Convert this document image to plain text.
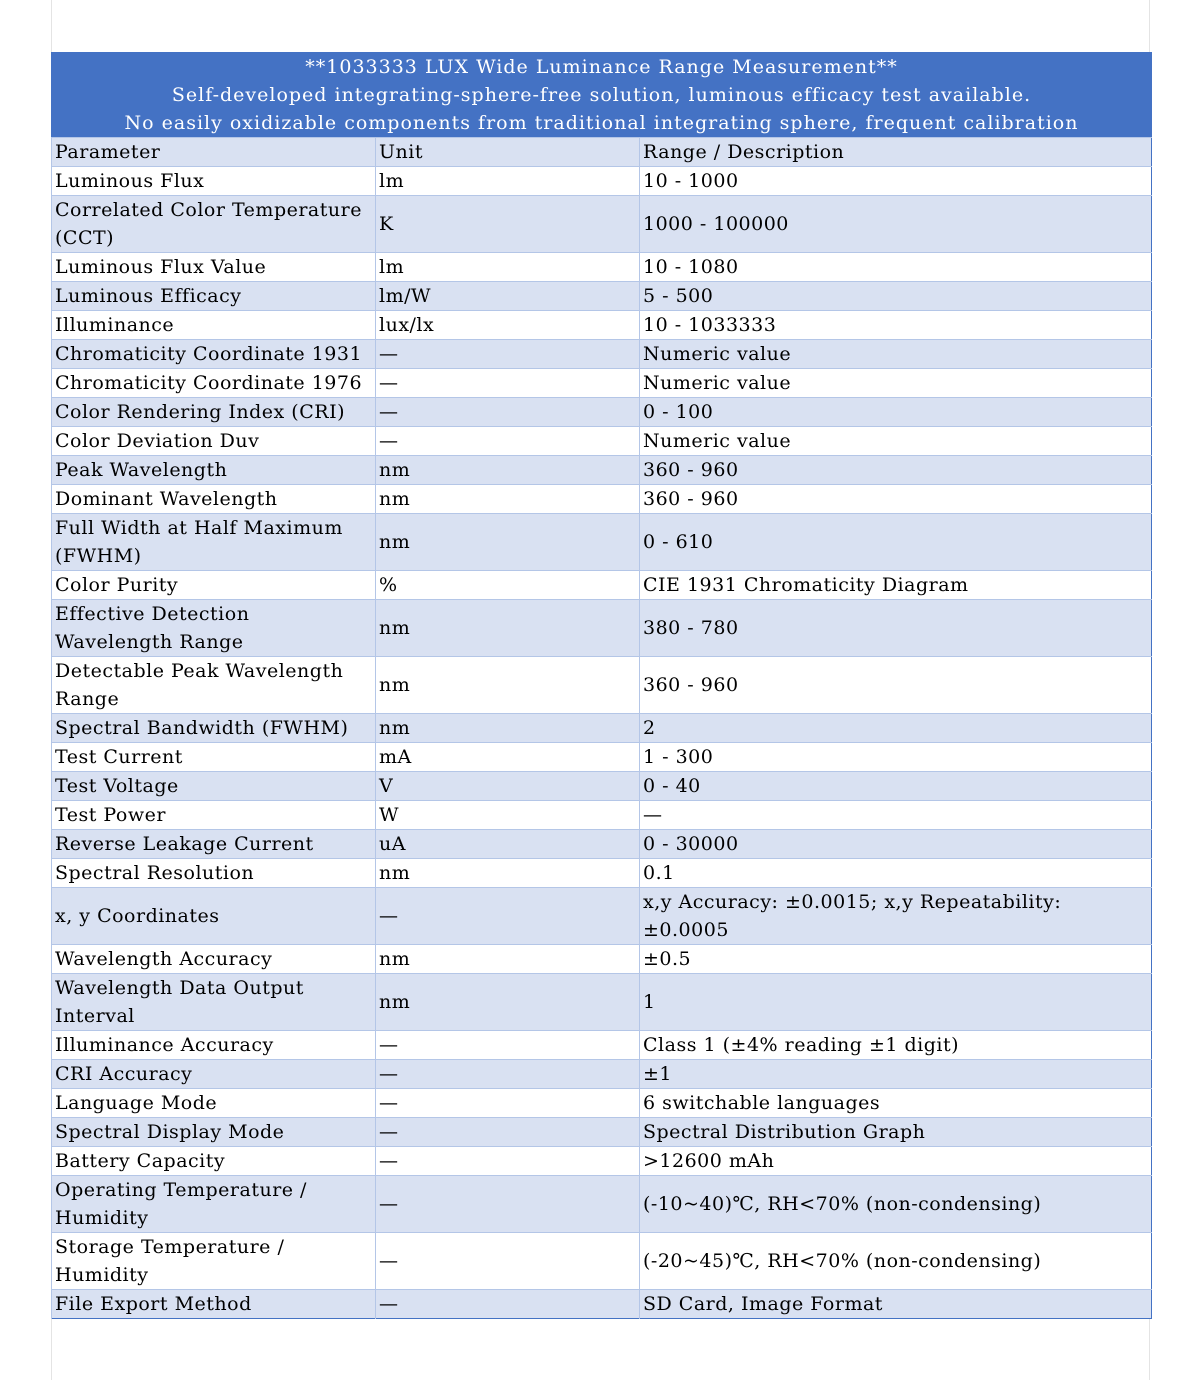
**1033333 LUX Wide Luminance Range Measurement**		
Self-developed integrating-sphere-free solution, luminous efficacy test available.		
No easily oxidizable components from traditional integrating sphere, frequent calibration		
Parameter	Unit	Range / Description
Luminous Flux	lm	10 - 1000
Correlated Color Temperature (CCT)	K	1000 - 100000
Luminous Flux Value	lm	10 - 1080
Luminous Efficacy	lm/W	5 - 500
Illuminance	lux/lx	10 - 1033333
Chromaticity Coordinate 1931	—	Numeric value
Chromaticity Coordinate 1976	—	Numeric value
Color Rendering Index (CRI)	—	0 - 100
Color Deviation Duv	—	Numeric value
Peak Wavelength	nm	360 - 960
Dominant Wavelength	nm	360 - 960
Full Width at Half Maximum (FWHM)	nm	0 - 610
Color Purity	%	CIE 1931 Chromaticity Diagram
Effective Detection Wavelength Range	nm	380 - 780
Detectable Peak Wavelength Range	nm	360 - 960
Spectral Bandwidth (FWHM)	nm	2
Test Current	mA	1 - 300
Test Voltage	V	0 - 40
Test Power	W	—
Reverse Leakage Current	uA	0 - 30000
Spectral Resolution	nm	0.1
x, y Coordinates	—	x,y Accuracy: ±0.0015; x,y Repeatability: ±0.0005
Wavelength Accuracy	nm	±0.5
Wavelength Data Output Interval	nm	1
Illuminance Accuracy	—	Class 1 (±4% reading ±1 digit)
CRI Accuracy	—	±1
Language Mode	—	6 switchable languages
Spectral Display Mode	—	Spectral Distribution Graph
Battery Capacity	—	>12600 mAh
Operating Temperature / Humidity	—	(-10~40)℃, RH<70% (non-condensing)
Storage Temperature / Humidity	—	(-20~45)℃, RH<70% (non-condensing)
File Export Method	—	SD Card, Image Format
